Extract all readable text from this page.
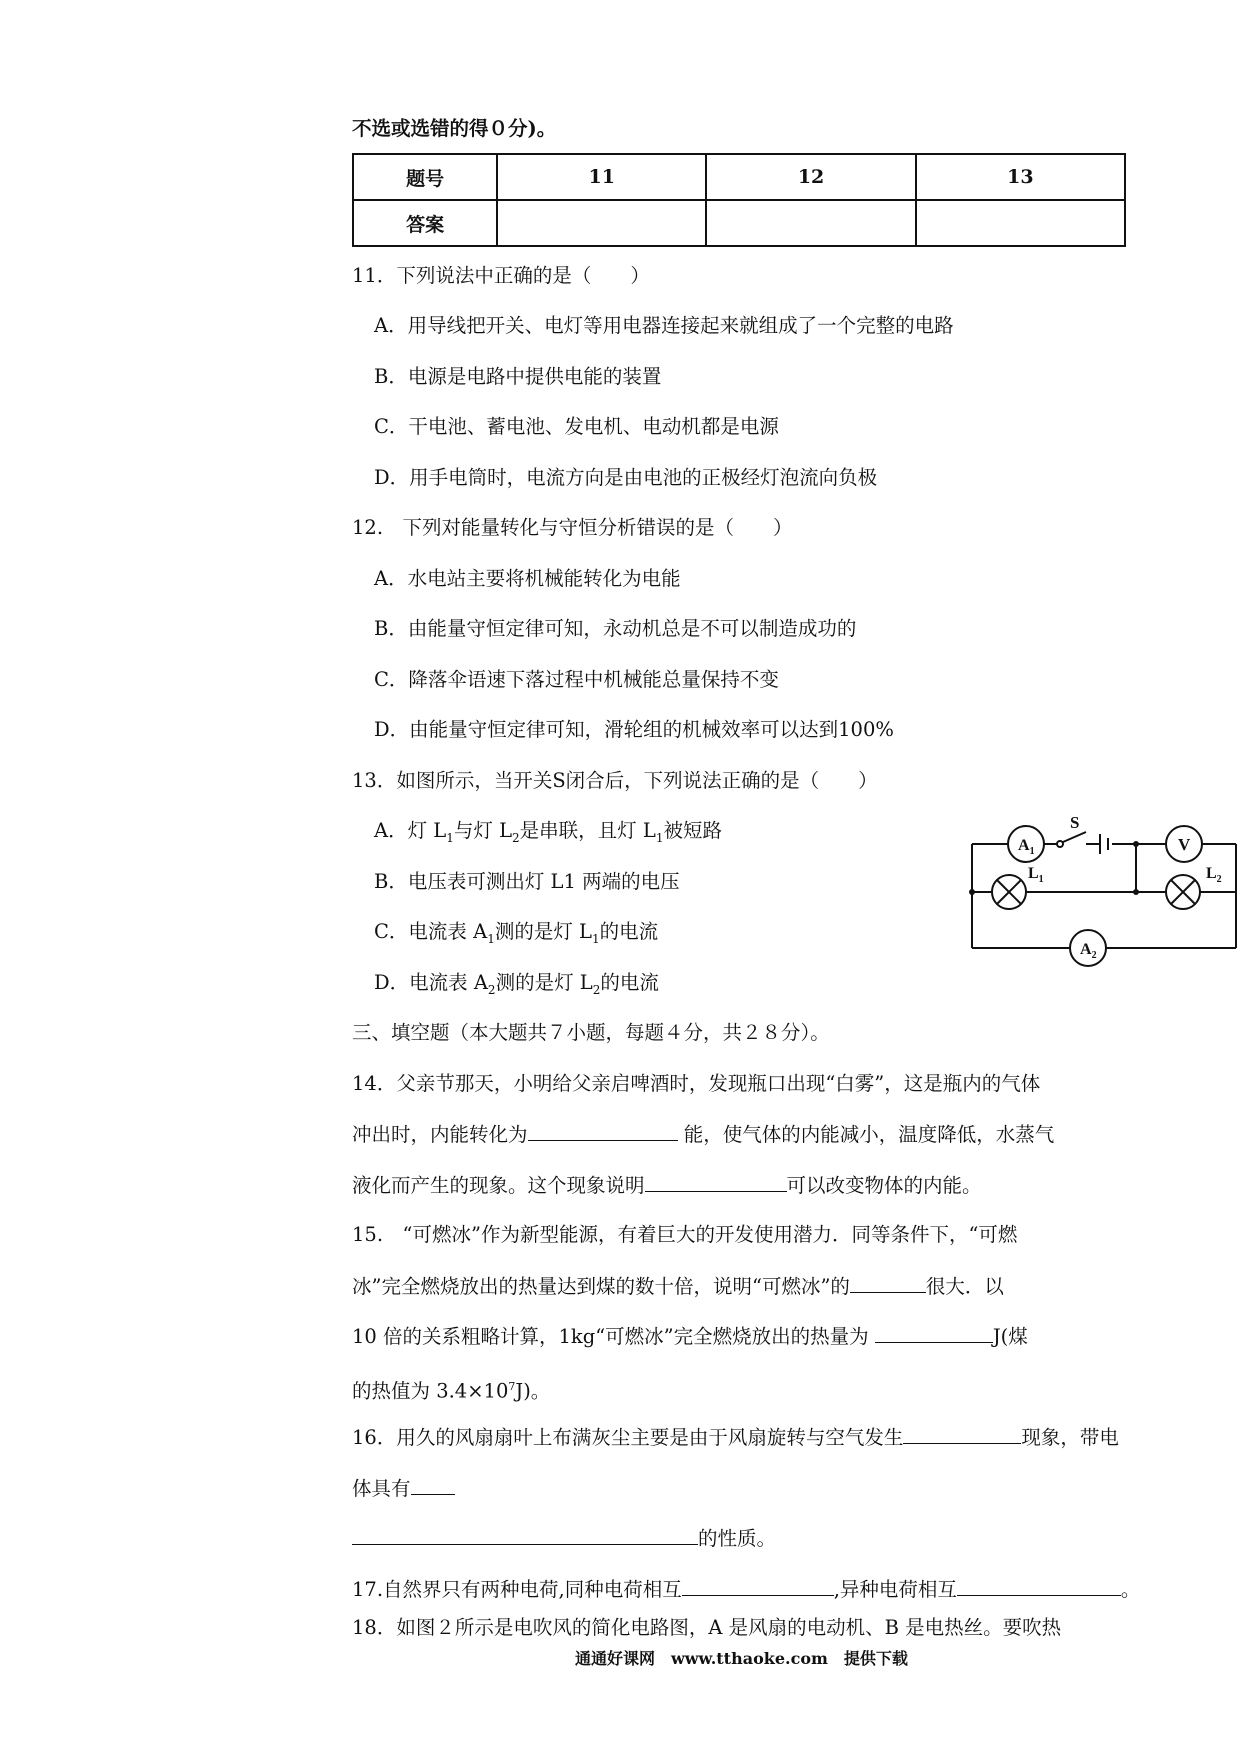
不选或选错的得０分)。
题号	11	12	13
答案			
11．下列说法中正确的是（　　）
A．用导线把开关、电灯等用电器连接起来就组成了一个完整的电路
B．电源是电路中提供电能的装置
C．干电池、蓄电池、发电机、电动机都是电源
D．用手电筒时，电流方向是由电池的正极经灯泡流向负极
12.　下列对能量转化与守恒分析错误的是（　　）
A．水电站主要将机械能转化为电能
B．由能量守恒定律可知，永动机总是不可以制造成功的
C．降落伞语速下落过程中机械能总量保持不变
D．由能量守恒定律可知，滑轮组的机械效率可以达到100%
13．如图所示，当开关S闭合后，下列说法正确的是（　　）
A．灯 $L_1$与灯 $L_2$是串联，且灯 $L_1$被短路
B．电压表可测出灯 L1 两端的电压
C．电流表 $A_1$测的是灯 $L_1$的电流
D．电流表 $A_2$测的是灯 $L_2$的电流
$A_1$
S
V
$L_1$	$L_2$
$A_2$
三、填空题（本大题共７小题，每题４分，共２８分）。
14．父亲节那天，小明给父亲启啤酒时，发现瓶口出现“白雾”，这是瓶内的气体
冲出时，内能转化为	能，使气体的内能减小，温度降低，水蒸气
液化而产生的现象。这个现象说明	可以改变物体的内能。
15.　“可燃冰”作为新型能源，有着巨大的开发使用潜力．同等条件下，“可燃
冰”完全燃烧放出的热量达到煤的数十倍，说明“可燃冰”的	很大．以
10 倍的关系粗略计算，1kg“可燃冰”完全燃烧放出的热量为	J(煤
的热值为 $3.4\times 10^7J$)。
16．用久的风扇扇叶上布满灰尘主要是由于风扇旋转与空气发生	现象，带电
体具有
的性质。
17.自然界只有两种电荷,同种电荷相互	,异种电荷相互	。
18．如图２所示是电吹风的简化电路图，A 是风扇的电动机、B 是电热丝。要吹热
通通好课网　www.tthaoke.com　提供下载
